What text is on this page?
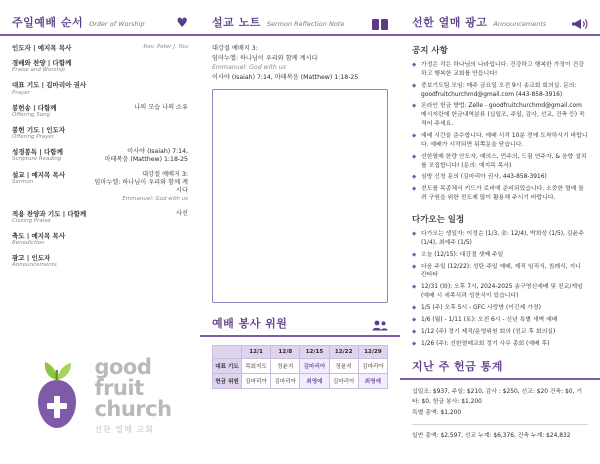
주일예배 순서 Order of Worship ♥
인도자 | 예지목 목사	Rev. Peter J. You
경배와 찬양 | 다함께
Praise and Worship
대표 기도 | 김마리아 권사
Prayer
봉헌송 | 다함께
Offering Song
나의 모습 나의 소유
봉헌 기도 | 인도자
Offering Prayer
성경봉독 | 다함께
Scripture Reading
이사야 (Isaiah) 7:14,
마태복음 (Matthew) 1:18-25
설교 | 예지목 목사
Sermon
대강절 예배지 3:
임마누엘: 하나님이 우리와 함께 계시다
Emmanuel: God with us
적용 찬양과 기도 | 다함께
Closing Praise
사선
축도 | 예지목 목사
Benediction
광고 | 인도자
Announcements
good
fruit
church
선한 열매 교회
설교 노트 Sermon Reflection Note
대강절 예배지 3:
임마누엘: 하나님이 우리와 함께 계시다
Emmanuel: God with us
이사야 (Isaiah) 7:14, 마태복음 (Matthew) 1:18-25
예배 봉사 위원
	12/1	12/8	12/15	12/22	12/29
대표 기도	목회지도	정윤지	김마리아	정윤지	김마리아
헌금 위원	김마리아	김마리아	최영애	김마리아	최영애
선한 열매 광고 Announcements
공지 사항
◆ 가정은 작은 하나님의 나라입니다. 건강하고 행복한 가정이 건강하고 행복한 교회를 만듭니다!
◆ 중보기도팀 모임: 매주 금요일 오전 9시 송교회 회의실. 문의: goodfruitchurchmd@gmail.com (443-858-3916)
◆ 온라인 헌금 방법: Zelle - goodfruitchurchmd@gmail.com 메시지란에 헌금내역분류 (십일조, 주일, 감사, 선교, 건축 등) 꼭 적어 주세요.
◆ 예배 시간을 준수합니다. 예배 시작 10분 전에 도착하시기 바랍니다. 예배가 시작되면 뒤쪽문을 닫습니다.
◆ 선한열매 한량 안도자, 예의스, 먼주의, 드림 연주자, & 음향 설치를 모집합니다! (문의: 예지목 목사)
◆ 심방 신청 문의 (김마리아 권사, 443-858-3916)
◆ 전도를 목종체서 키드가 로비에 준비되었습니다. 소중한 열매 돌려 구원을 위한 전도제 많이 활용해 주시기 바랍니다.
다가오는 일정
◆ 다가오는 생일자: 이정순 (1/3, 金: 12/4), 박희성 (1/5), 김윤주 (1/4), 최예주 (1/5)
◆ 오늘 (12/15): 대강절 셋째 주일
◆ 다음 주일 (12/22): 성탄 주일 예배, 제직 임직식, 침례식, 지니 칸타타
◆ 12/31 (화): 오후 7시, 2024-2025 송구영신예배 및 친교/게임 (예배 시 세족식과 성찬식이 있습니다)
◆ 1/5 (주) 오후 5시 - GFC 사랑방 (이긴제 가정)
◆ 1/6 (월) - 1/11 (토): 오전 6시 - 신년 특별 새벽 예배
◆ 1/12 (주) 정기 제직/운영위원 회의 (친교 후 회의실)
◆ 1/26 (주): 선한열매교회 정기 사무 총회 (예배 후)
지난 주 헌금 통계
십일조: $937, 주일: $210, 감사 : $250, 선교: $20 건축: $0, 기타: $0, 헌금 봉사: $1,200
특별 총액: $1,200
일반 총액: $2,597, 선교 누계: $6,376, 건축 누계: $24,832
